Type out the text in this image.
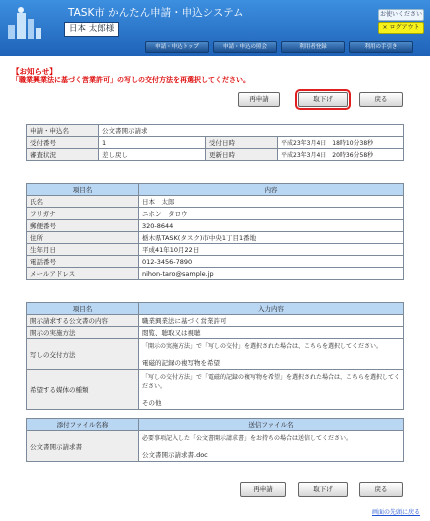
TASK市 かんたん申請・申込システム
日本 太郎様
お使いください
× ログアウト
申請・申込トップ	申請・申込の照会	利用者登録	利用の手引き
【お知らせ】
「職業興業法に基づく営業許可」の写しの交付方法を再選択してください。
再申請	取下げ	戻る
申請・申込名	公文書開示請求		
受付番号	1	受付日時	平成23年3月4日　18時10分38秒
審査状況	差し戻し	更新日時	平成23年3月4日　20時36分58秒
項目名	内容
氏名	日本　太郎
フリガナ	ニホン　タロウ
郵便番号	320-8644
住所	栃木県TASK(タスク)市中央1丁目1番地
生年月日	平成41年10月22日
電話番号	012-3456-7890
メールアドレス	nihon-taro@sample.jp
項目名	入力内容
開示請求する公文書の内容	職業興業法に基づく営業許可
開示の実施方法	閲覧、聴取又は視聴
写しの交付方法	「開示の実施方法」で「写しの交付」を選択された場合は、こちらを選択してください。
電磁的記録の複写物を希望

希望する媒体の種類	「写しの交付方法」で「電磁的記録の複写物を希望」を選択された場合は、こちらを選択してください。
その他
添付ファイル名称	送信ファイル名
公文書開示請求書	必要事項記入した「公文書開示請求書」をお持ちの場合は送信してください。
公文書開示請求書.doc
再申請	取下げ	戻る
画面の先頭に戻る
